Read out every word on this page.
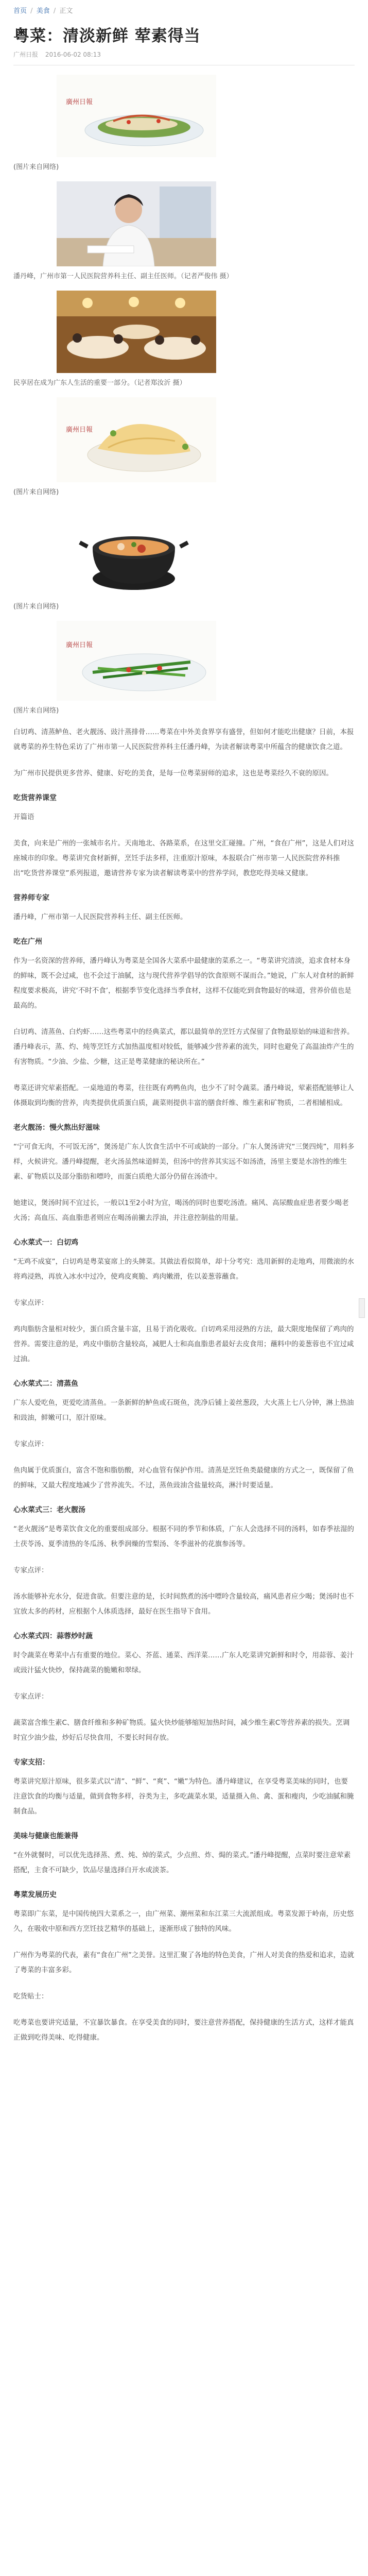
首页 / 美食 / 正文
粤菜：清淡新鲜 荤素得当
广州日报 2016-06-02 08:13
廣州日報
(图片来自网络)
潘丹峰，广州市第一人民医院营养科主任、副主任医师。（记者严俊伟 摄）
民享居在成为广东人生活的重要一部分。（记者郑汝沂 摄）
廣州日報
(图片来自网络)
(图片来自网络)
廣州日報
(图片来自网络)

白切鸡、清蒸鲈鱼、老火靓汤、豉汁蒸排骨……粤菜在中外美食界享有盛誉，但如何才能吃出健康？日前，本报就粤菜的养生特色采访了广州市第一人民医院营养科主任潘丹峰，为读者解读粤菜中所蕴含的健康饮食之道。

为广州市民提供更多营养、健康、好吃的美食，是每一位粤菜厨师的追求，这也是粤菜经久不衰的原因。

吃货营养课堂

开篇语

美食，向来是广州的一张城市名片。天南地北、各路菜系，在这里交汇碰撞。广州，“食在广州”，这是人们对这座城市的印象。粤菜讲究食材新鲜，烹饪手法多样，注重原汁原味，本报联合广州市第一人民医院营养科推出“吃货营养课堂”系列报道，邀请营养专家为读者解读粤菜中的营养学问，教您吃得美味又健康。

营养师专家

潘丹峰，广州市第一人民医院营养科主任、副主任医师。

吃在广州

作为一名资深的营养师，潘丹峰认为粤菜是全国各大菜系中最健康的菜系之一。“粤菜讲究清淡，追求食材本身的鲜味，既不会过咸，也不会过于油腻，这与现代营养学倡导的饮食原则不谋而合。”她说，广东人对食材的新鲜程度要求极高，讲究‘不时不食’，根据季节变化选择当季食材，这样不仅能吃到食物最好的味道，营养价值也是最高的。

白切鸡、清蒸鱼、白灼虾……这些粤菜中的经典菜式，都以最简单的烹饪方式保留了食物最原始的味道和营养。潘丹峰表示，蒸、灼、炖等烹饪方式加热温度相对较低，能够减少营养素的流失，同时也避免了高温油炸产生的有害物质。“少油、少盐、少糖，这正是粤菜健康的秘诀所在。”

粤菜还讲究荤素搭配。一桌地道的粤菜，往往既有鸡鸭鱼肉，也少不了时令蔬菜。潘丹峰说，荤素搭配能够让人体摄取到均衡的营养，肉类提供优质蛋白质，蔬菜则提供丰富的膳食纤维、维生素和矿物质，二者相辅相成。

老火靓汤：慢火熬出好滋味

“宁可食无肉，不可饭无汤”，煲汤是广东人饮食生活中不可或缺的一部分。广东人煲汤讲究“三煲四炖”，用料多样，火候讲究。潘丹峰提醒，老火汤虽然味道鲜美，但汤中的营养其实远不如汤渣，汤里主要是水溶性的维生素、矿物质以及部分脂肪和嘌呤，而蛋白质绝大部分仍留在汤渣中。

她建议，煲汤时间不宜过长，一般以1至2小时为宜，喝汤的同时也要吃汤渣。痛风、高尿酸血症患者要少喝老火汤；高血压、高血脂患者则应在喝汤前撇去浮油，并注意控制盐的用量。

心水菜式一：白切鸡

“无鸡不成宴”，白切鸡是粤菜宴席上的头牌菜。其做法看似简单，却十分考究：选用新鲜的走地鸡，用微滚的水将鸡浸熟，再放入冰水中过冷，使鸡皮爽脆、鸡肉嫩滑，佐以姜葱蓉蘸食。

专家点评：

鸡肉脂肪含量相对较少，蛋白质含量丰富，且易于消化吸收。白切鸡采用浸熟的方法，最大限度地保留了鸡肉的营养。需要注意的是，鸡皮中脂肪含量较高，减肥人士和高血脂患者最好去皮食用；蘸料中的姜葱蓉也不宜过咸过油。

心水菜式二：清蒸鱼

广东人爱吃鱼，更爱吃清蒸鱼。一条新鲜的鲈鱼或石斑鱼，洗净后铺上姜丝葱段，大火蒸上七八分钟，淋上热油和豉油，鲜嫩可口，原汁原味。

专家点评：

鱼肉属于优质蛋白，富含不饱和脂肪酸，对心血管有保护作用。清蒸是烹饪鱼类最健康的方式之一，既保留了鱼的鲜味，又最大程度地减少了营养流失。不过，蒸鱼豉油含盐量较高，淋汁时要适量。

心水菜式三：老火靓汤

“老火靓汤”是粤菜饮食文化的重要组成部分。根据不同的季节和体质，广东人会选择不同的汤料，如春季祛湿的土茯苓汤、夏季清热的冬瓜汤、秋季润燥的雪梨汤、冬季滋补的花旗参汤等。

专家点评：

汤水能够补充水分，促进食欲。但要注意的是，长时间熬煮的汤中嘌呤含量较高，痛风患者应少喝；煲汤时也不宜放太多的药材，应根据个人体质选择，最好在医生指导下食用。

心水菜式四：蒜蓉炒时蔬

时令蔬菜在粤菜中占有重要的地位。菜心、芥蓝、通菜、西洋菜……广东人吃菜讲究新鲜和时令，用蒜蓉、姜汁或豉汁猛火快炒，保持蔬菜的脆嫩和翠绿。

专家点评：

蔬菜富含维生素C、膳食纤维和多种矿物质。猛火快炒能够缩短加热时间，减少维生素C等营养素的损失。烹调时宜少油少盐，炒好后尽快食用，不要长时间存放。

专家支招：

粤菜讲究原汁原味，很多菜式以“清”、“鲜”、“爽”、“嫩”为特色。潘丹峰建议，在享受粤菜美味的同时，也要注意饮食的均衡与适量，做到食物多样，谷类为主，多吃蔬菜水果，适量摄入鱼、禽、蛋和瘦肉，少吃油腻和腌制食品。

美味与健康也能兼得

“在外就餐时，可以优先选择蒸、煮、炖、焯的菜式，少点煎、炸、焗的菜式。”潘丹峰提醒，点菜时要注意荤素搭配，主食不可缺少，饮品尽量选择白开水或淡茶。

粤菜发展历史

粤菜即广东菜，是中国传统四大菜系之一，由广州菜、潮州菜和东江菜三大流派组成。粤菜发源于岭南，历史悠久，在吸收中原和西方烹饪技艺精华的基础上，逐渐形成了独特的风味。

广州作为粤菜的代表，素有“食在广州”之美誉。这里汇聚了各地的特色美食，广州人对美食的热爱和追求，造就了粤菜的丰富多彩。

吃货贴士：

吃粤菜也要讲究适量，不宜暴饮暴食。在享受美食的同时，要注意营养搭配，保持健康的生活方式，这样才能真正做到吃得美味、吃得健康。
